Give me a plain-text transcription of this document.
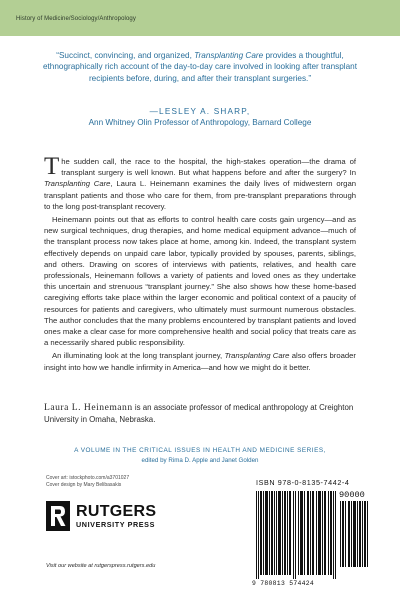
History of Medicine/Sociology/Anthropology
“Succinct, convincing, and organized, Transplanting Care provides a thoughtful, ethnographically rich account of the day-to-day care involved in looking after transplant recipients before, during, and after their transplant surgeries.”
—LESLEY A. SHARP,
Ann Whitney Olin Professor of Anthropology, Barnard College

The sudden call, the race to the hospital, the high-stakes operation—the drama of transplant surgery is well known. But what happens before and after the surgery? In Transplanting Care, Laura L. Heinemann examines the daily lives of midwestern organ transplant patients and those who care for them, from pre-transplant preparations through to the long post-transplant recovery.

Heinemann points out that as efforts to control health care costs gain urgency—and as new surgical techniques, drug therapies, and home medical equipment advance—much of the transplant process now takes place at home, among kin. Indeed, the transplant system effectively depends on unpaid care labor, typically provided by spouses, parents, siblings, and others. Drawing on scores of interviews with patients, relatives, and health care professionals, Heinemann follows a variety of patients and loved ones as they undertake this uncertain and strenuous “transplant journey.” She also shows how these home-based caregiving efforts take place within the larger economic and political context of a paucity of resources for patients and caregivers, who ultimately must surmount numerous obstacles. The author concludes that the many problems encountered by transplant patients and loved ones make a clear case for more comprehensive health and social policy that treats care as a necessarily shared public responsibility.

An illuminating look at the long transplant journey, Transplanting Care also offers broader insight into how we handle infirmity in America—and how we might do it better.

Laura L. Heinemann is an associate professor of medical anthropology at Creighton University in Omaha, Nebraska.
A VOLUME IN THE CRITICAL ISSUES IN HEALTH AND MEDICINE SERIES,
edited by Rima D. Apple and Janet Golden
Cover art: istockphoto.com/a3701027
Cover design by Mary Belibasakis
RUTGERS
UNIVERSITY PRESS
Visit our website at rutgerspress.rutgers.edu
ISBN 978-0-8135-7442-4
90000
9 780813 574424
